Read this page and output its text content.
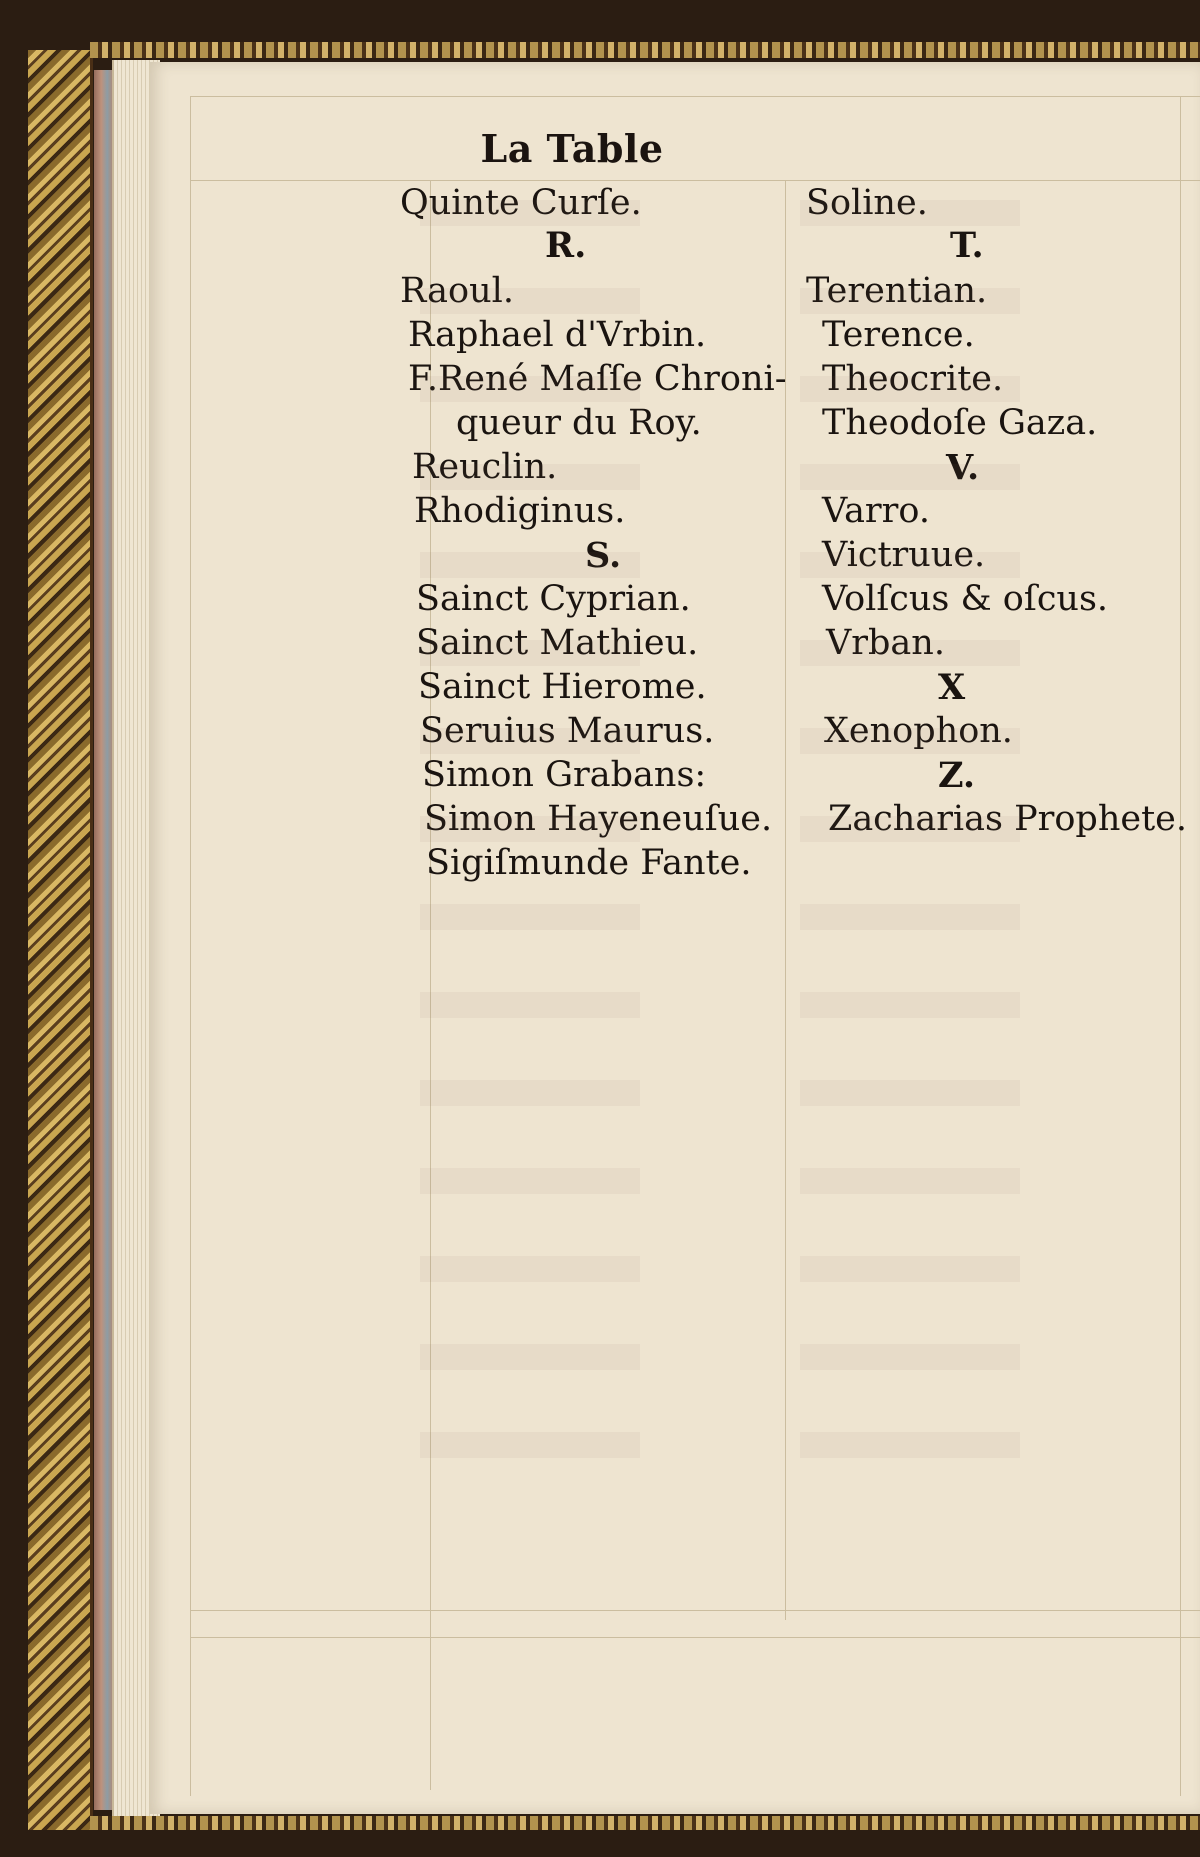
La Table
Quinte Curſe.
R.
Raoul.
Raphael d'Vrbin.
F.René Maſſe Chroni-
queur du Roy.
Reuclin.
Rhodiginus.
S.
Sainct Cyprian.
Sainct Mathieu.
Sainct Hierome.
Seruius Maurus.
Simon Grabans:
Simon Hayeneuſue.
Sigiſmunde Fante.
Soline.
T.
Terentian.
Terence.
Theocrite.
Theodoſe Gaza.
V.
Varro.
Victruue.
Volſcus & oſcus.
Vrban.
X
Xenophon.
Z.
Zacharias Prophete.
